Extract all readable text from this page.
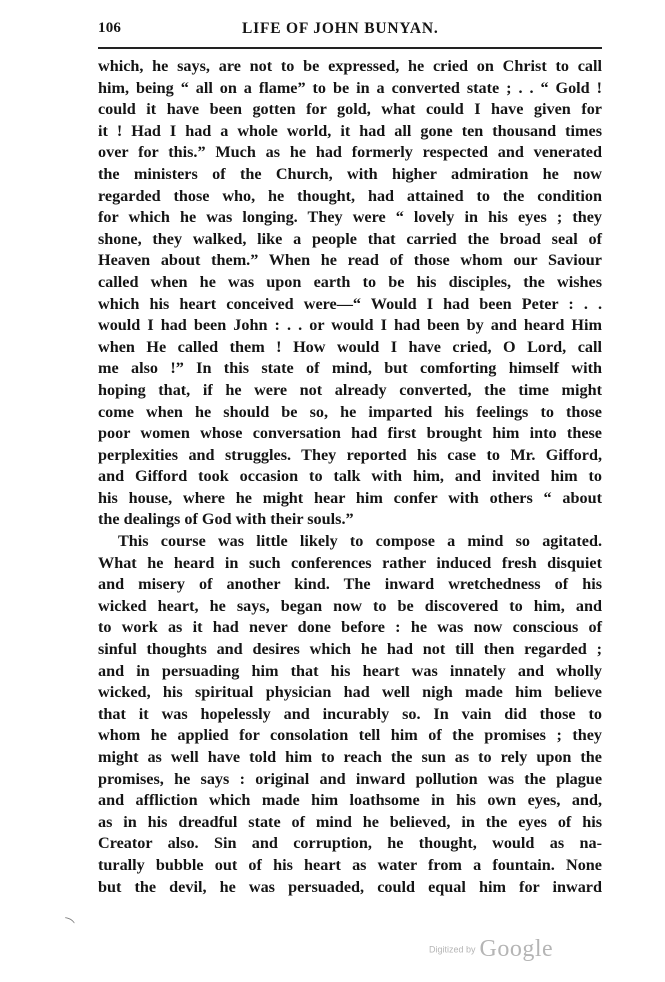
106	LIFE OF JOHN BUNYAN.
which, he says, are not to be expressed, he cried on Christ to call
him, being “ all on a flame” to be in a converted state ; . . “ Gold !
could it have been gotten for gold, what could I have given for
it ! Had I had a whole world, it had all gone ten thousand times
over for this.” Much as he had formerly respected and venerated
the ministers of the Church, with higher admiration he now
regarded those who, he thought, had attained to the condition
for which he was longing. They were “ lovely in his eyes ; they
shone, they walked, like a people that carried the broad seal of
Heaven about them.” When he read of those whom our Saviour
called when he was upon earth to be his disciples, the wishes
which his heart conceived were—“ Would I had been Peter : . .
would I had been John : . . or would I had been by and heard Him
when He called them ! How would I have cried, O Lord, call
me also !” In this state of mind, but comforting himself with
hoping that, if he were not already converted, the time might
come when he should be so, he imparted his feelings to those
poor women whose conversation had first brought him into these
perplexities and struggles. They reported his case to Mr. Gifford,
and Gifford took occasion to talk with him, and invited him to
his house, where he might hear him confer with others “ about
the dealings of God with their souls.”
This course was little likely to compose a mind so agitated.
What he heard in such conferences rather induced fresh disquiet
and misery of another kind. The inward wretchedness of his
wicked heart, he says, began now to be discovered to him, and
to work as it had never done before : he was now conscious of
sinful thoughts and desires which he had not till then regarded ;
and in persuading him that his heart was innately and wholly
wicked, his spiritual physician had well nigh made him believe
that it was hopelessly and incurably so. In vain did those to
whom he applied for consolation tell him of the promises ; they
might as well have told him to reach the sun as to rely upon the
promises, he says : original and inward pollution was the plague
and affliction which made him loathsome in his own eyes, and,
as in his dreadful state of mind he believed, in the eyes of his
Creator also. Sin and corruption, he thought, would as na-
turally bubble out of his heart as water from a fountain. None
but the devil, he was persuaded, could equal him for inward
⁀
Digitized by Google
